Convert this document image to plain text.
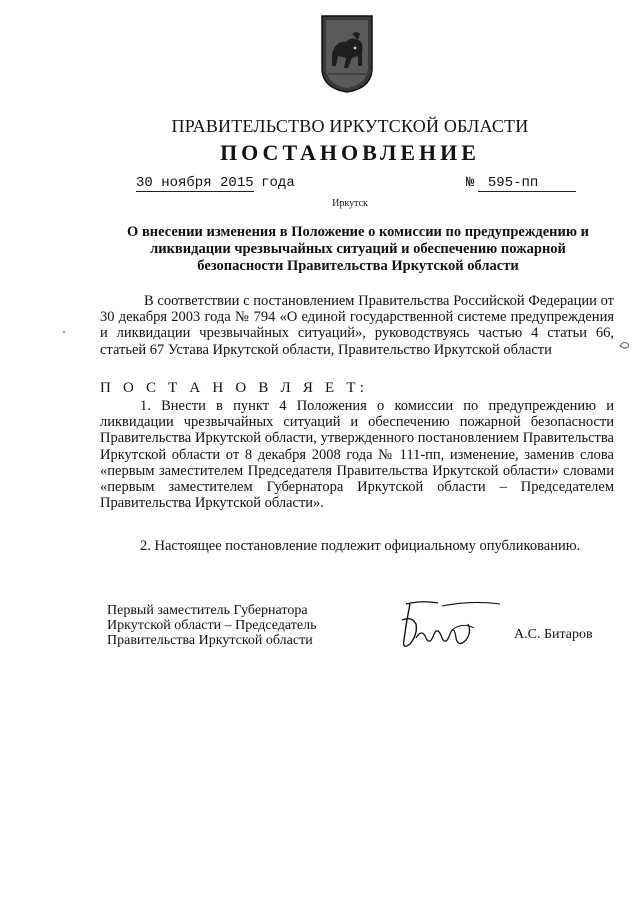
ПРАВИТЕЛЬСТВО ИРКУТСКОЙ ОБЛАСТИ
ПОСТАНОВЛЕНИЕ
30 ноября 2015 года	№ 595-пп
Иркутск
О внесении изменения в Положение о комиссии по предупреждению и ликвидации чрезвычайных ситуаций и обеспечению пожарной безопасности Правительства Иркутской области
В соответствии с постановлением Правительства Российской Федерации от 30 декабря 2003 года № 794 «О единой государственной системе предупреждения и ликвидации чрезвычайных ситуаций», руководствуясь частью 4 статьи 66, статьей 67 Устава Иркутской области, Правительство Иркутской области
П О С Т А Н О В Л Я Е Т:
1. Внести в пункт 4 Положения о комиссии по предупреждению и ликвидации чрезвычайных ситуаций и обеспечению пожарной безопасности Правительства Иркутской области, утвержденного постановлением Правительства Иркутской области от 8 декабря 2008 года № 111-пп, изменение, заменив слова «первым заместителем Председателя Правительства Иркутской области» словами «первым заместителем Губернатора Иркутской области – Председателем Правительства Иркутской области».
2. Настоящее постановление подлежит официальному опубликованию.
Первый заместитель Губернатора
Иркутской области – Председатель
Правительства Иркутской области	А.С. Битаров
